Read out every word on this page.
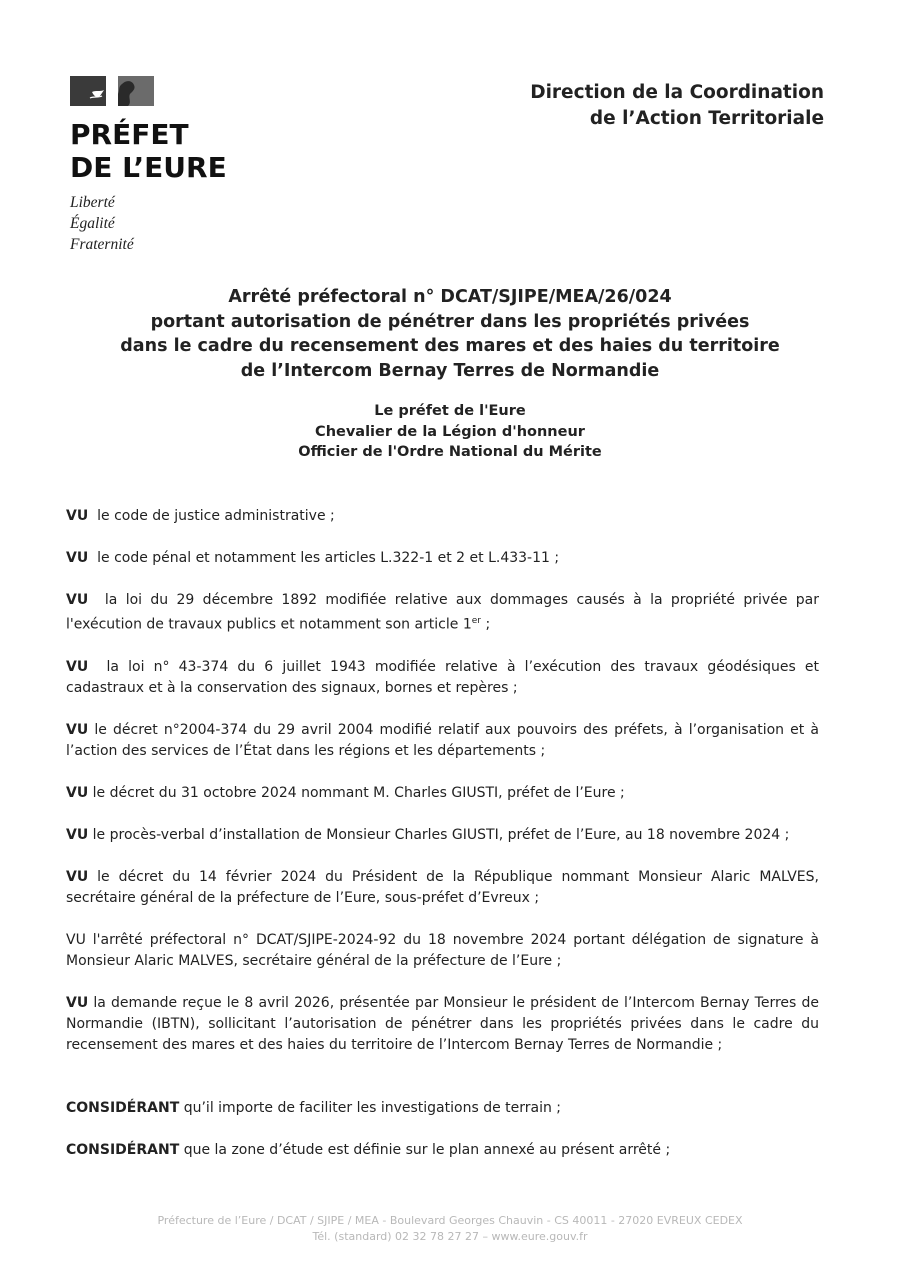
PRÉFET
DE L’EURE
Liberté
Égalité
Fraternité
Direction de la Coordination
de l’Action Territoriale
Arrêté préfectoral n° DCAT/SJIPE/MEA/26/024
portant autorisation de pénétrer dans les propriétés privées
dans le cadre du recensement des mares et des haies du territoire
de l’Intercom Bernay Terres de Normandie
Le préfet de l'Eure
Chevalier de la Légion d'honneur
Officier de l'Ordre National du Mérite

VU le code de justice administrative ;

VU le code pénal et notamment les articles L.322-1 et 2 et L.433-11 ;

VU la loi du 29 décembre 1892 modifiée relative aux dommages causés à la propriété privée par l'exécution de travaux publics et notamment son article 1er ;

VU la loi n° 43-374 du 6 juillet 1943 modifiée relative à l’exécution des travaux géodésiques et cadastraux et à la conservation des signaux, bornes et repères ;

VU le décret n°2004-374 du 29 avril 2004 modifié relatif aux pouvoirs des préfets, à l’organisation et à l’action des services de l’État dans les régions et les départements ;

VU le décret du 31 octobre 2024 nommant M. Charles GIUSTI, préfet de l’Eure ;

VU le procès-verbal d’installation de Monsieur Charles GIUSTI, préfet de l’Eure, au 18 novembre 2024 ;

VU le décret du 14 février 2024 du Président de la République nommant Monsieur Alaric MALVES, secrétaire général de la préfecture de l’Eure, sous-préfet d’Evreux ;

VU l'arrêté préfectoral n° DCAT/SJIPE-2024-92 du 18 novembre 2024 portant délégation de signature à Monsieur Alaric MALVES, secrétaire général de la préfecture de l’Eure ;

VU la demande reçue le 8 avril 2026, présentée par Monsieur le président de l’Intercom Bernay Terres de Normandie (IBTN), sollicitant l’autorisation de pénétrer dans les propriétés privées dans le cadre du recensement des mares et des haies du territoire de l’Intercom Bernay Terres de Normandie ;

CONSIDÉRANT qu’il importe de faciliter les investigations de terrain ;

CONSIDÉRANT que la zone d’étude est définie sur le plan annexé au présent arrêté ;

Préfecture de l’Eure / DCAT / SJIPE / MEA - Boulevard Georges Chauvin - CS 40011 - 27020 EVREUX CEDEX
Tél. (standard) 02 32 78 27 27 – www.eure.gouv.fr
